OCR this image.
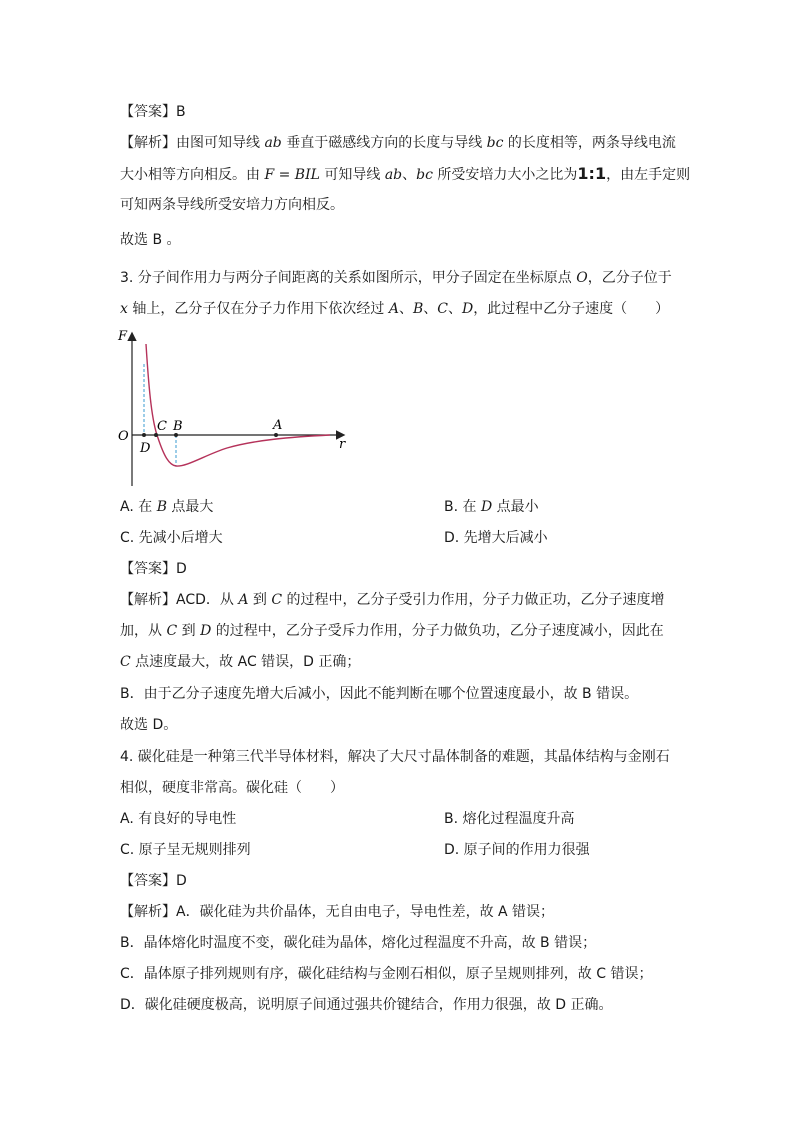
【答案】B
【解析】由图可知导线 ab 垂直于磁感线方向的长度与导线 bc 的长度相等，两条导线电流
大小相等方向相反。由 F = BIL 可知导线 ab、bc 所受安培力大小之比为1:1，由左手定则
可知两条导线所受安培力方向相反。
故选 B 。
3. 分子间作用力与两分子间距离的关系如图所示，甲分子固定在坐标原点 O，乙分子位于
x 轴上，乙分子仅在分子力作用下依次经过 A、B、C、D，此过程中乙分子速度（　　）
F
O
r
D
C B	A
A. 在 B 点最大	B. 在 D 点最小
C. 先减小后增大	D. 先增大后减小
【答案】D
【解析】ACD．从 A 到 C 的过程中，乙分子受引力作用，分子力做正功，乙分子速度增
加，从 C 到 D 的过程中，乙分子受斥力作用，分子力做负功，乙分子速度减小，因此在
C 点速度最大，故 AC 错误，D 正确；
B．由于乙分子速度先增大后减小，因此不能判断在哪个位置速度最小，故 B 错误。
故选 D。
4. 碳化硅是一种第三代半导体材料，解决了大尺寸晶体制备的难题，其晶体结构与金刚石
相似，硬度非常高。碳化硅（　　）
A. 有良好的导电性	B. 熔化过程温度升高
C. 原子呈无规则排列	D. 原子间的作用力很强
【答案】D
【解析】A．碳化硅为共价晶体，无自由电子，导电性差，故 A 错误；
B．晶体熔化时温度不变，碳化硅为晶体，熔化过程温度不升高，故 B 错误；
C．晶体原子排列规则有序，碳化硅结构与金刚石相似，原子呈规则排列，故 C 错误；
D．碳化硅硬度极高，说明原子间通过强共价键结合，作用力很强，故 D 正确。
